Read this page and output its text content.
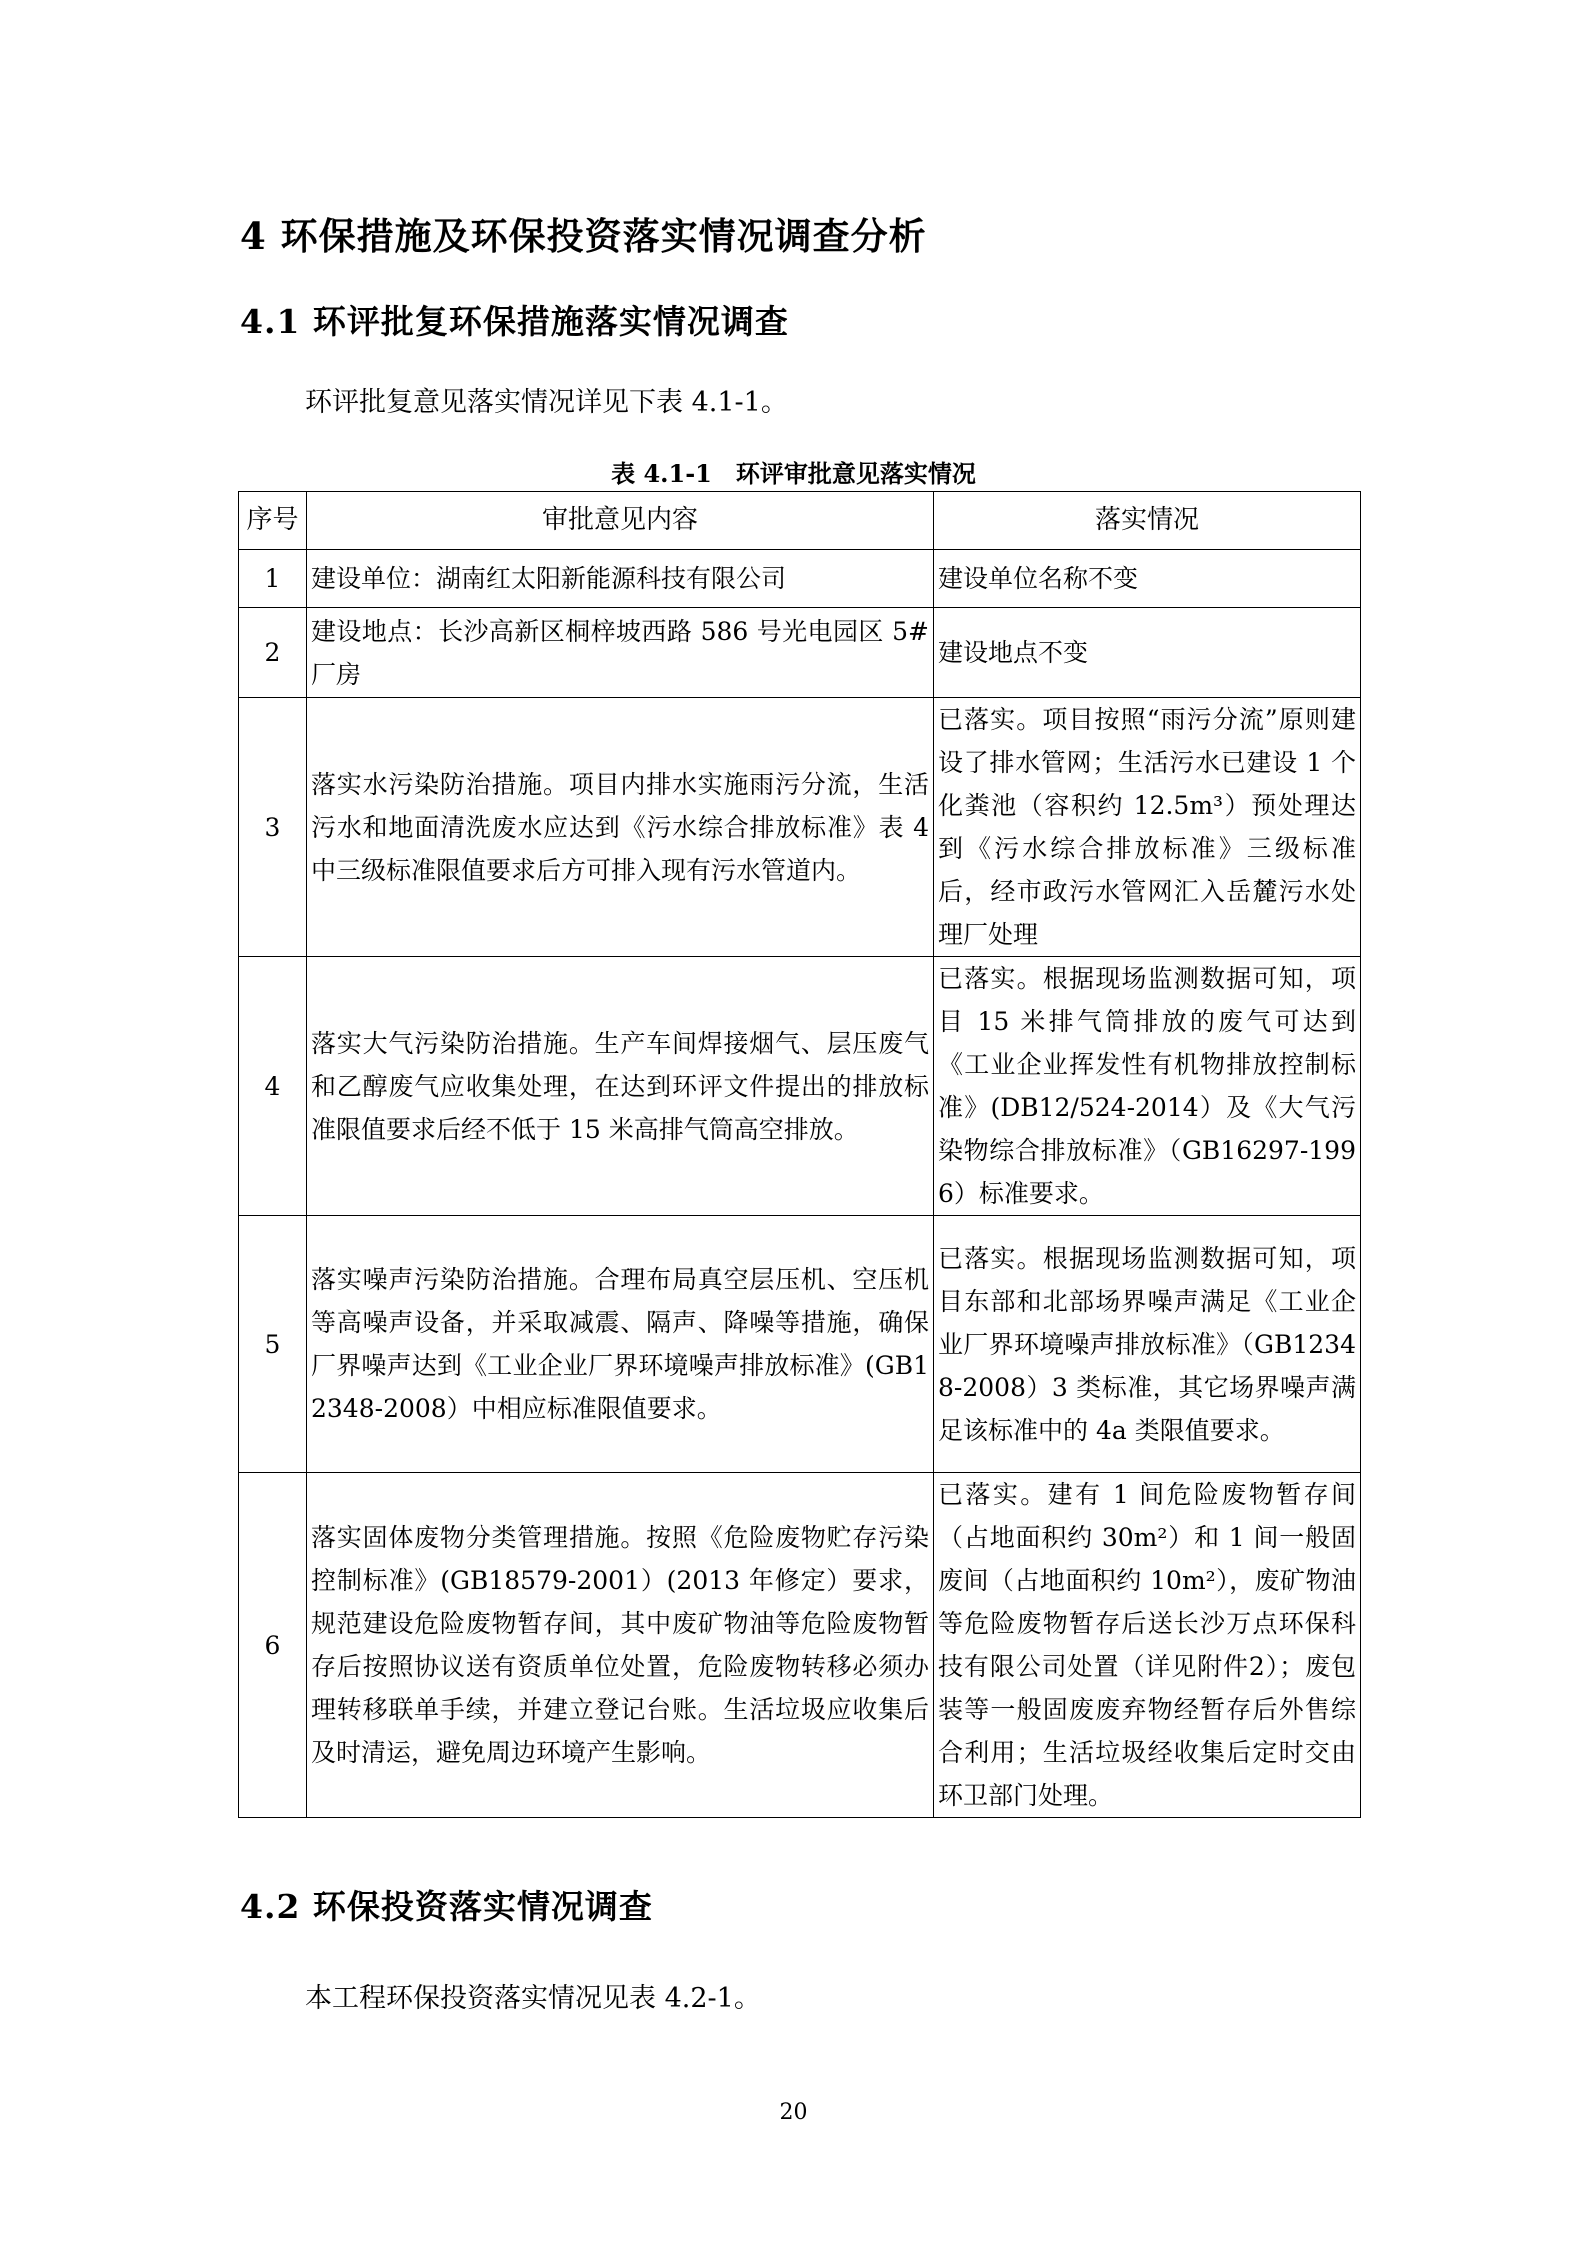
4 环保措施及环保投资落实情况调查分析
4.1 环评批复环保措施落实情况调查
环评批复意见落实情况详见下表 4.1-1。
表 4.1-1　环评审批意见落实情况
序号	审批意见内容	落实情况
1	建设单位：湖南红太阳新能源科技有限公司	建设单位名称不变
2	建设地点：长沙高新区桐梓坡西路 586 号光电园区 5#厂房	建设地点不变
3	落实水污染防治措施。项目内排水实施雨污分流，生活污水和地面清洗废水应达到《污水综合排放标准》表 4 中三级标准限值要求后方可排入现有污水管道内。	已落实。项目按照“雨污分流”原则建设了排水管网；生活污水已建设 1 个化粪池（容积约 12.5m³）预处理达到《污水综合排放标准》三级标准后，经市政污水管网汇入岳麓污水处理厂处理
4	落实大气污染防治措施。生产车间焊接烟气、层压废气和乙醇废气应收集处理，在达到环评文件提出的排放标准限值要求后经不低于 15 米高排气筒高空排放。	已落实。根据现场监测数据可知，项目 15 米排气筒排放的废气可达到《工业企业挥发性有机物排放控制标准》(DB12/524-2014）及《大气污染物综合排放标准》（GB16297-1996）标准要求。
5	落实噪声污染防治措施。合理布局真空层压机、空压机等高噪声设备，并采取减震、隔声、降噪等措施，确保厂界噪声达到《工业企业厂界环境噪声排放标准》(GB12348-2008）中相应标准限值要求。	已落实。根据现场监测数据可知，项目东部和北部场界噪声满足《工业企业厂界环境噪声排放标准》（GB12348-2008）3 类标准，其它场界噪声满足该标准中的 4a 类限值要求。
6	落实固体废物分类管理措施。按照《危险废物贮存污染控制标准》(GB18579-2001）(2013 年修定）要求，规范建设危险废物暂存间，其中废矿物油等危险废物暂存后按照协议送有资质单位处置，危险废物转移必须办理转移联单手续，并建立登记台账。生活垃圾应收集后及时清运，避免周边环境产生影响。	已落实。建有 1 间危险废物暂存间（占地面积约 30m²）和 1 间一般固废间（占地面积约 10m²），废矿物油等危险废物暂存后送长沙万点环保科技有限公司处置（详见附件2）；废包装等一般固废废弃物经暂存后外售综合利用；生活垃圾经收集后定时交由环卫部门处理。
4.2 环保投资落实情况调查
本工程环保投资落实情况见表 4.2-1。
20
